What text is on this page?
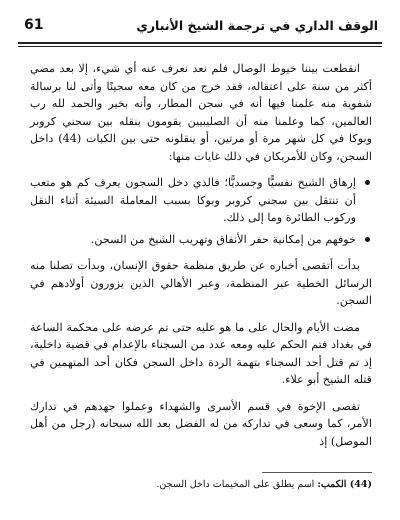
61	الوقف الداري في ترجمة الشيخ الأنباري

انقطعت بيننا خيوط الوصال فلم نعد نعرف عنه أي شيء، إلا بعد مضي أكثر من سنة على اعتقاله، فقد خرج من كان معه سجينًا وأتى لنا برسالة شفوية منه علمنا فيها أنه في سجن المطار، وأنه بخير والحمد لله رب العالمين، كما وعلمنا منه أن الصليبيين يقومون بنقله بين سجني كروبر وبوكا في كل شهر مرة أو مرتين، أو ينقلونه حتى بين الكبات (44) داخل السجن، وكان للأمريكان في ذلك غايات منها:

إرهاق الشيخ نفسيًّا وجسديًّا؛ فالذي دخل السجون يعرف كم هو متعب أن تنتقل بين سجني كروبر وبوكا بسبب المعاملة السيئة أثناء النقل وركوب الطائرة وما إلى ذلك.
خوفهم من إمكانية حفر الأنفاق وتهريب الشيخ من السجن.

بدأت أتقصى أخباره عن طريق منظمة حقوق الإنسان، وبدأت تصلنا منه الرسائل الخطية عبر المنظمة، وعبر الأهالي الذين يزورون أولادهم في السجن.

مضت الأيام والحال على ما هو عليه حتى تم عرضه على محكمة الساعة في بغداد فتم الحكم عليه ومعه عدد من السجناء بالإعدام في قضية داخلية، إذ تم قتل أحد السجناء بتهمة الردة داخل السجن فكان أحد المتهمين في قتله الشيخ أبو علاء.

تقصى الإخوة في قسم الأسرى والشهداء وعملوا جهدهم في تدارك الأمر، كما وسعى في تداركه من له الفضل بعد الله سبحانه (رجل من أهل الموصل) إذ

(44) الكمب: اسم يطلق على المخيمات داخل السجن.
